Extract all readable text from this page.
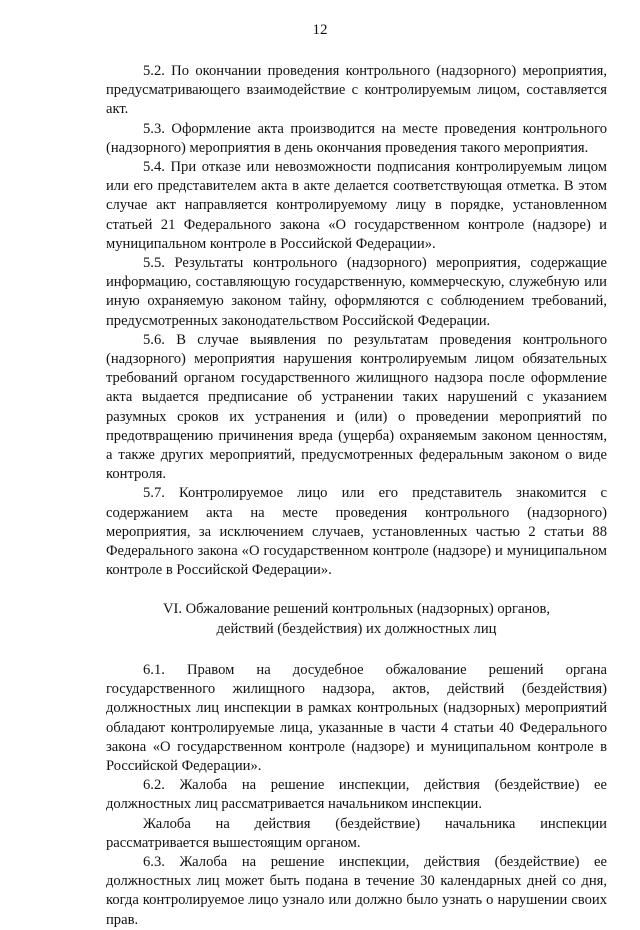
12

5.2. По окончании проведения контрольного (надзорного) мероприятия, предусматривающего взаимодействие с контролируемым лицом, составляется акт.

5.3. Оформление акта производится на месте проведения контрольного (надзорного) мероприятия в день окончания проведения такого мероприятия.

5.4. При отказе или невозможности подписания контролируемым лицом или его представителем акта в акте делается соответствующая отметка. В этом случае акт направляется контролируемому лицу в порядке, установленном статьей 21 Федерального закона «О государственном контроле (надзоре) и муниципальном контроле в Российской Федерации».

5.5. Результаты контрольного (надзорного) мероприятия, содержащие информацию, составляющую государственную, коммерческую, служебную или иную охраняемую законом тайну, оформляются с соблюдением требований, предусмотренных законодательством Российской Федерации.

5.6. В случае выявления по результатам проведения контрольного (надзорного) мероприятия нарушения контролируемым лицом обязательных требований органом государственного жилищного надзора после оформление акта выдается предписание об устранении таких нарушений с указанием разумных сроков их устранения и (или) о проведении мероприятий по предотвращению причинения вреда (ущерба) охраняемым законом ценностям, а также других мероприятий, предусмотренных федеральным законом о виде контроля.

5.7. Контролируемое лицо или его представитель знакомится с содержанием акта на месте проведения контрольного (надзорного) мероприятия, за исключением случаев, установленных частью 2 статьи 88 Федерального закона «О государственном контроле (надзоре) и муниципальном контроле в Российской Федерации».

VI. Обжалование решений контрольных (надзорных) органов,
действий (бездействия) их должностных лиц

6.1. Правом на досудебное обжалование решений органа государственного жилищного надзора, актов, действий (бездействия) должностных лиц инспекции в рамках контрольных (надзорных) мероприятий обладают контролируемые лица, указанные в части 4 статьи 40 Федерального закона «О государственном контроле (надзоре) и муниципальном контроле в Российской Федерации».

6.2. Жалоба на решение инспекции, действия (бездействие) ее должностных лиц рассматривается начальником инспекции.

Жалоба на действия (бездействие) начальника инспекции рассматривается вышестоящим органом.

6.3. Жалоба на решение инспекции, действия (бездействие) ее должностных лиц может быть подана в течение 30 календарных дней со дня, когда контролируемое лицо узнало или должно было узнать о нарушении своих прав.
